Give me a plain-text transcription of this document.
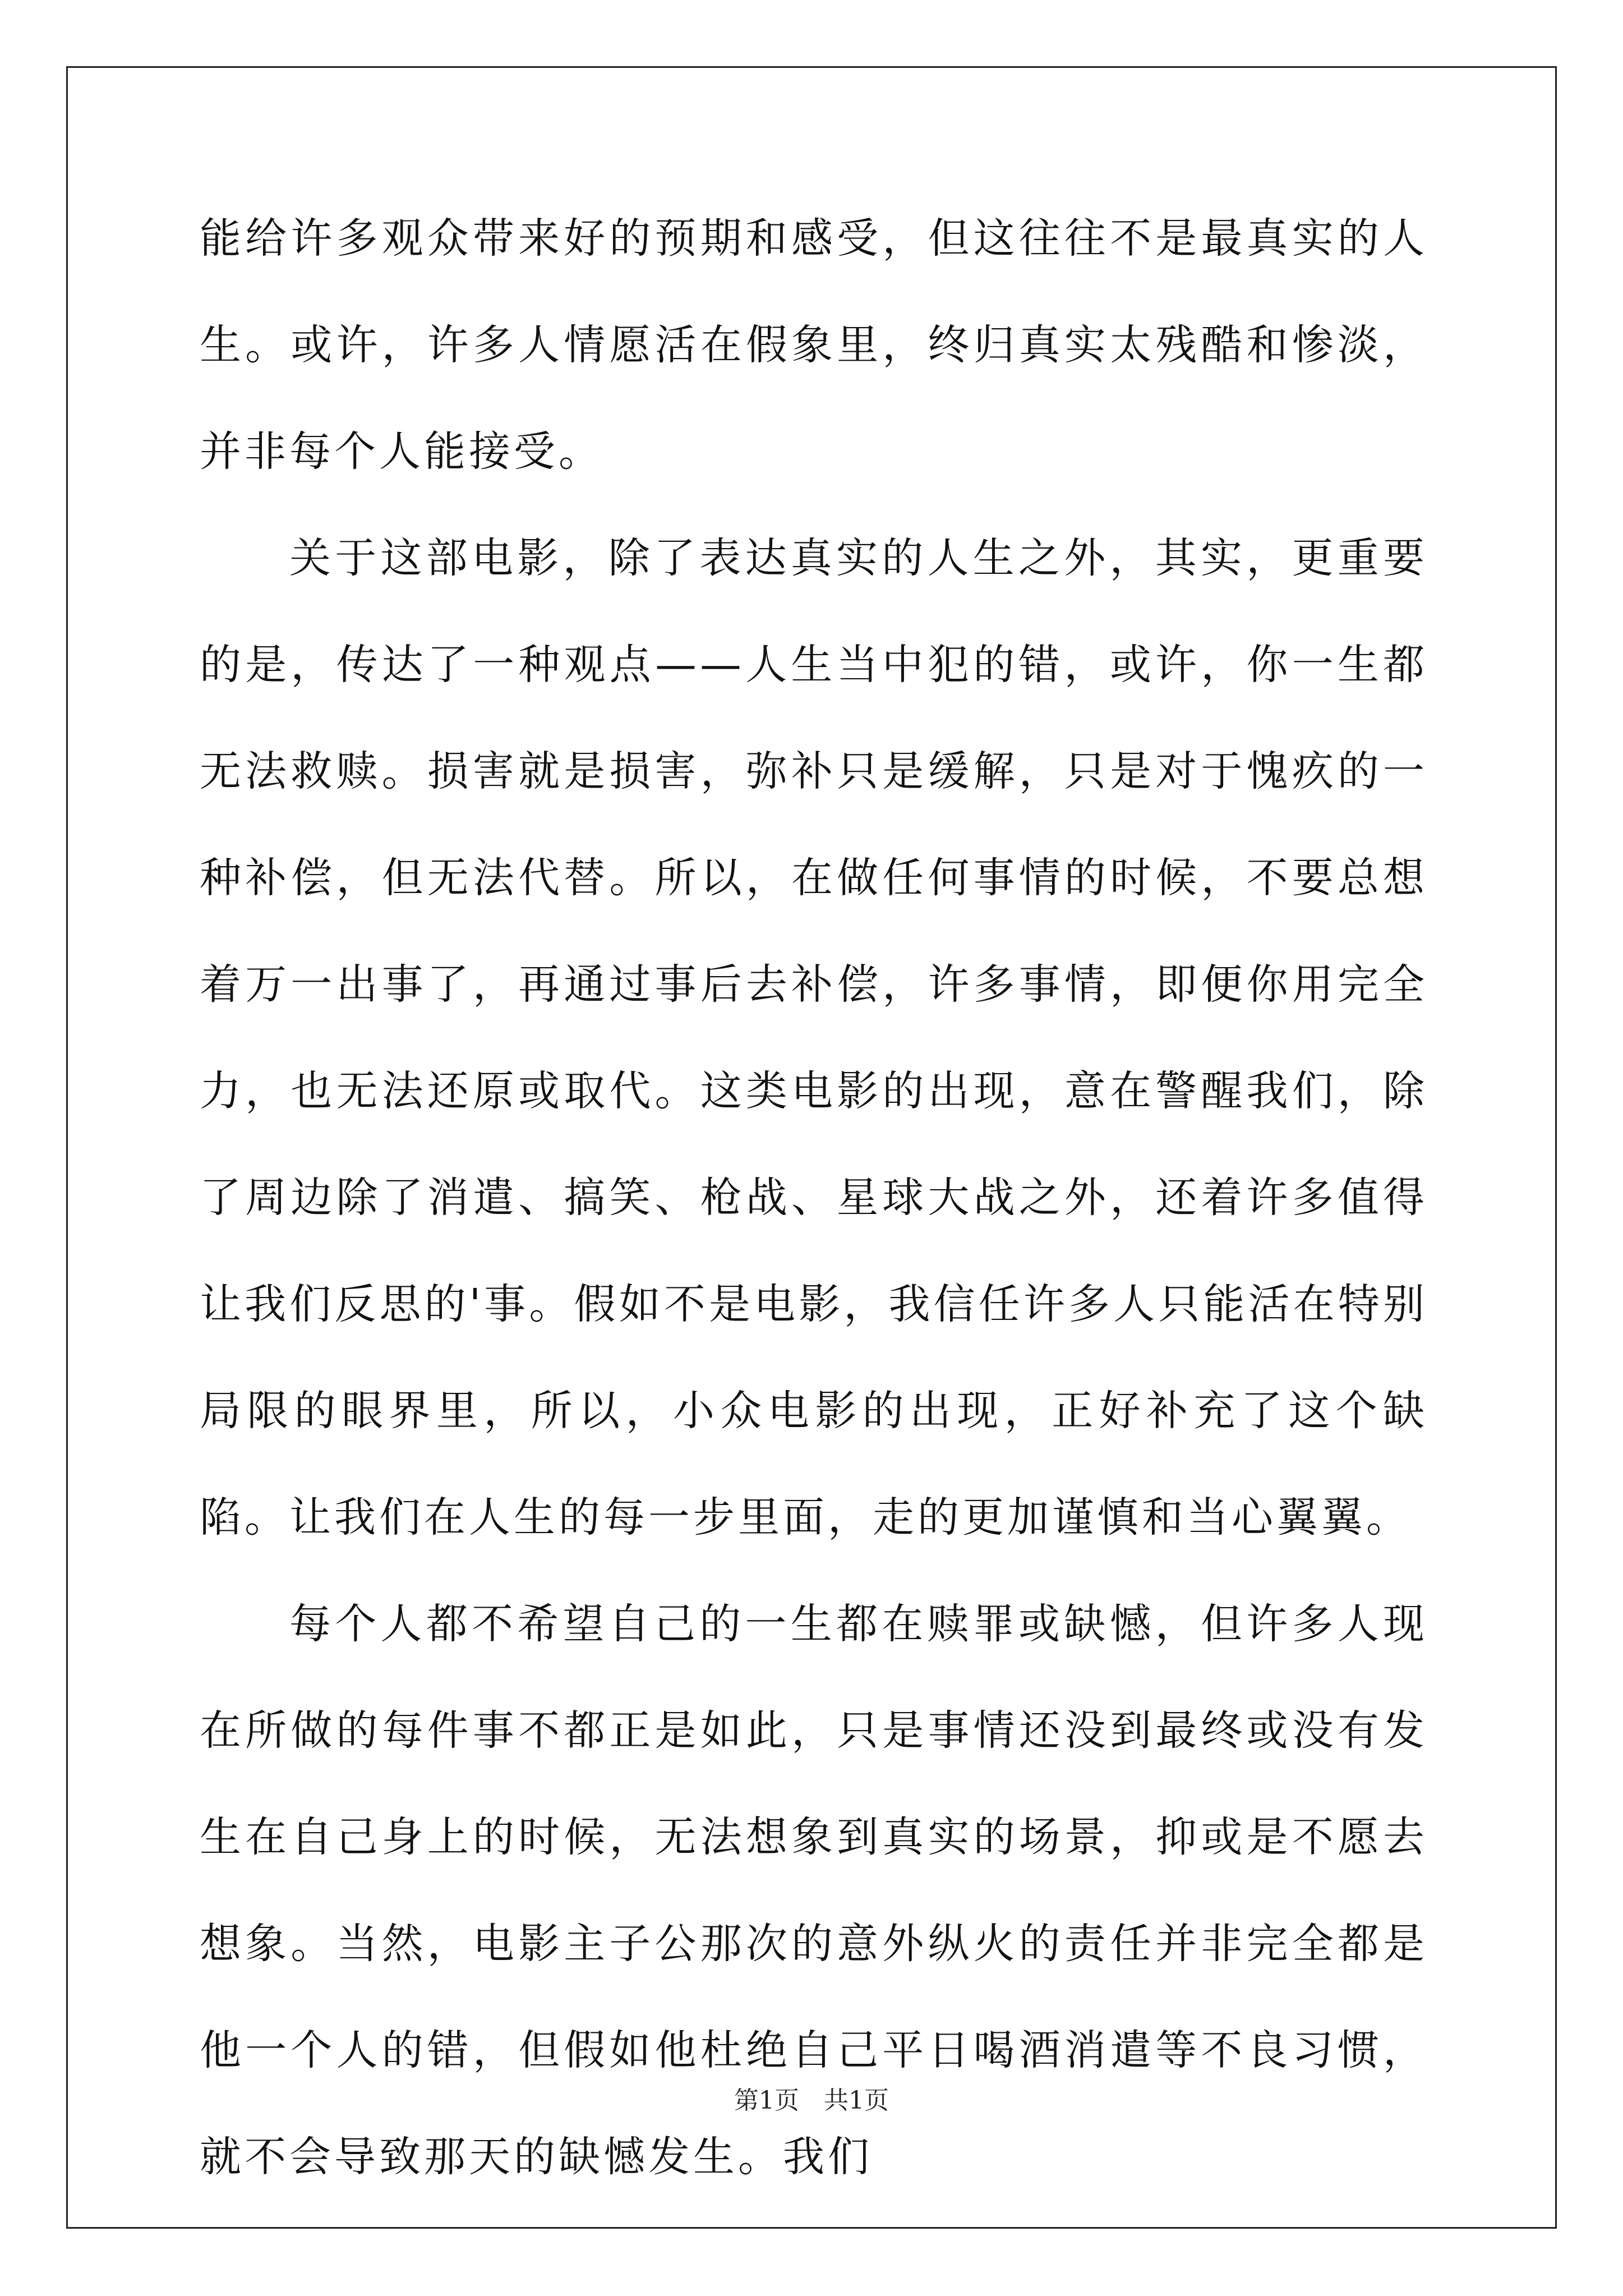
能给许多观众带来好的预期和感受，但这往往不是最真实的人生。或许，许多人情愿活在假象里，终归真实太残酷和惨淡，并非每个人能接受。

关于这部电影，除了表达真实的人生之外，其实，更重要的是，传达了一种观点——人生当中犯的错，或许，你一生都无法救赎。损害就是损害，弥补只是缓解，只是对于愧疚的一种补偿，但无法代替。所以，在做任何事情的时候，不要总想着万一出事了，再通过事后去补偿，许多事情，即便你用完全力，也无法还原或取代。这类电影的出现，意在警醒我们，除了周边除了消遣、搞笑、枪战、星球大战之外，还着许多值得让我们反思的'事。假如不是电影，我信任许多人只能活在特别局限的眼界里，所以，小众电影的出现，正好补充了这个缺陷。让我们在人生的每一步里面，走的更加谨慎和当心翼翼。

每个人都不希望自己的一生都在赎罪或缺憾，但许多人现在所做的每件事不都正是如此，只是事情还没到最终或没有发生在自己身上的时候，无法想象到真实的场景，抑或是不愿去想象。当然，电影主子公那次的意外纵火的责任并非完全都是他一个人的错，但假如他杜绝自己平日喝酒消遣等不良习惯，就不会导致那天的缺憾发生。我们

第1页　共1页
